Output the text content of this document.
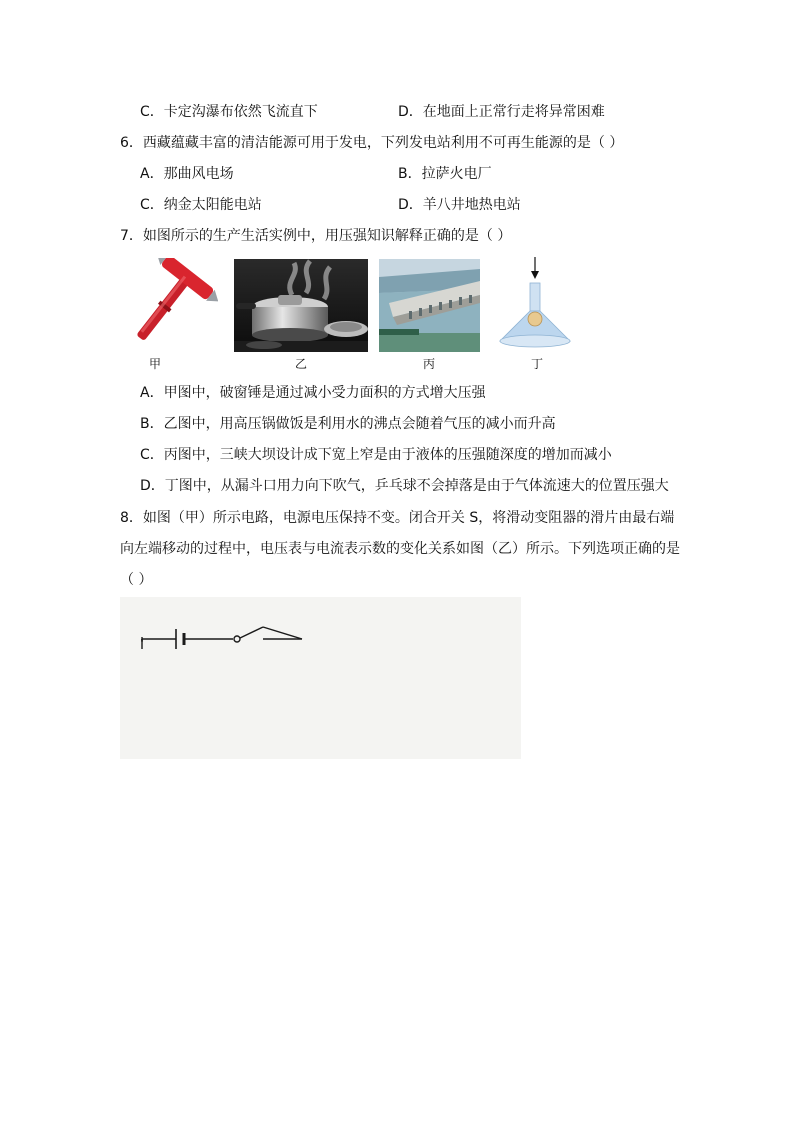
C．卡定沟瀑布依然飞流直下	D．在地面上正常行走将异常困难
6．西藏蕴藏丰富的清洁能源可用于发电，下列发电站利用不可再生能源的是（ ）
A．那曲风电场	B．拉萨火电厂
C．纳金太阳能电站	D．羊八井地热电站
7．如图所示的生产生活实例中，用压强知识解释正确的是（ ）
甲	乙	丙	丁
A．甲图中，破窗锤是通过减小受力面积的方式增大压强
B．乙图中，用高压锅做饭是利用水的沸点会随着气压的减小而升高
C．丙图中，三峡大坝设计成下宽上窄是由于液体的压强随深度的增加而减小
D．丁图中，从漏斗口用力向下吹气，乒乓球不会掉落是由于气体流速大的位置压强大
8．如图（甲）所示电路，电源电压保持不变。闭合开关 S，将滑动变阻器的滑片由最右端
向左端移动的过程中，电压表与电流表示数的变化关系如图（乙）所示。下列选项正确的是
（ ）
